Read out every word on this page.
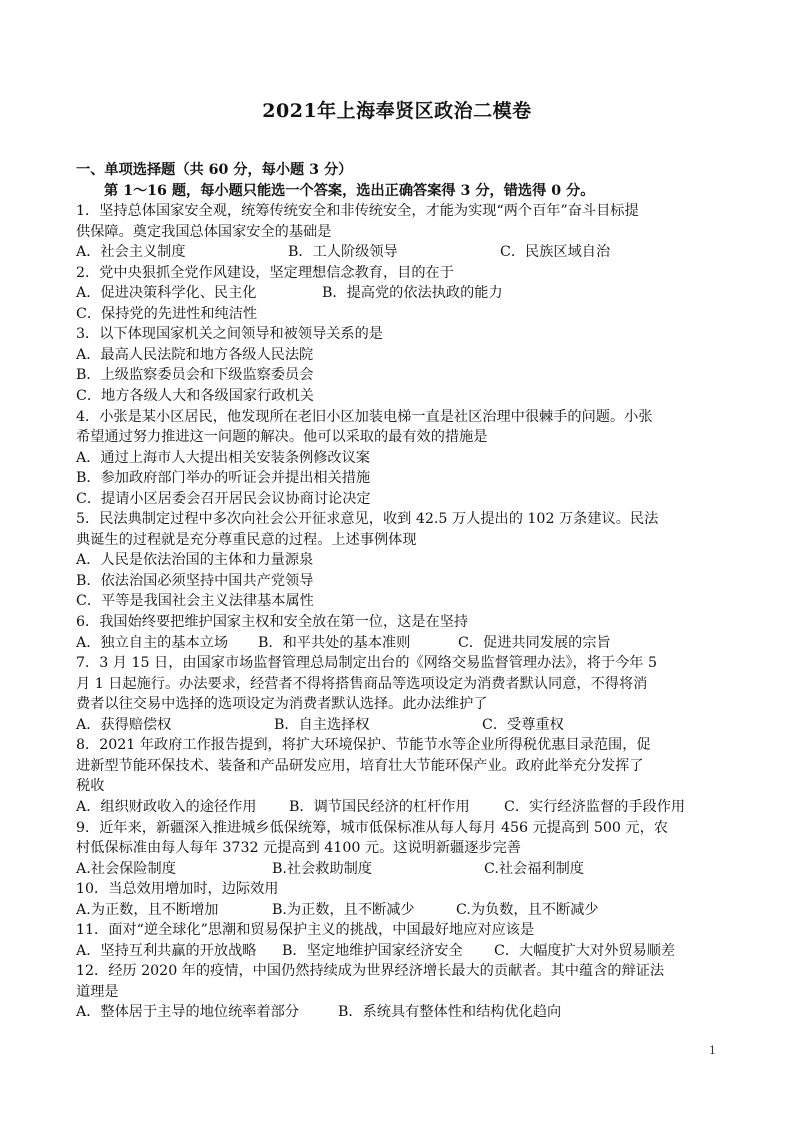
2021年上海奉贤区政治二模卷
一、单项选择题（共 60 分，每小题 3 分）
第 1～16 题，每小题只能选一个答案，选出正确答案得 3 分，错选得 0 分。
1．坚持总体国家安全观，统筹传统安全和非传统安全，才能为实现“两个百年”奋斗目标提
供保障。奠定我国总体国家安全的基础是
A．社会主义制度	B．工人阶级领导	C．民族区域自治
2．党中央狠抓全党作风建设，坚定理想信念教育，目的在于
A．促进决策科学化、民主化	B．提高党的依法执政的能力
C．保持党的先进性和纯洁性
3．以下体现国家机关之间领导和被领导关系的是
A．最高人民法院和地方各级人民法院
B．上级监察委员会和下级监察委员会
C．地方各级人大和各级国家行政机关
4．小张是某小区居民，他发现所在老旧小区加装电梯一直是社区治理中很棘手的问题。小张
希望通过努力推进这一问题的解决。他可以采取的最有效的措施是
A．通过上海市人大提出相关安装条例修改议案
B．参加政府部门举办的听证会并提出相关措施
C．提请小区居委会召开居民会议协商讨论决定
5．民法典制定过程中多次向社会公开征求意见，收到 42.5 万人提出的 102 万条建议。民法
典诞生的过程就是充分尊重民意的过程。上述事例体现
A．人民是依法治国的主体和力量源泉
B．依法治国必须坚持中国共产党领导
C．平等是我国社会主义法律基本属性
6．我国始终要把维护国家主权和安全放在第一位，这是在坚持
A．独立自主的基本立场 B．和平共处的基本准则	C．促进共同发展的宗旨
7．3 月 15 日，由国家市场监督管理总局制定出台的《网络交易监督管理办法》，将于今年 5
月 1 日起施行。办法要求，经营者不得将搭售商品等选项设定为消费者默认同意，不得将消
费者以往交易中选择的选项设定为消费者默认选择。此办法维护了
A．获得赔偿权	B．自主选择权	C．受尊重权
8．2021 年政府工作报告提到，将扩大环境保护、节能节水等企业所得税优惠目录范围，促
进新型节能环保技术、装备和产品研发应用，培育壮大节能环保产业。政府此举充分发挥了
税收
A．组织财政收入的途径作用 B．调节国民经济的杠杆作用 C．实行经济监督的手段作用
9．近年来，新疆深入推进城乡低保统筹，城市低保标准从每人每月 456 元提高到 500 元，农
村低保标准由每人每年 3732 元提高到 4100 元。这说明新疆逐步完善
A.社会保险制度	B.社会救助制度	C.社会福利制度
10．当总效用增加时，边际效用
A.为正数，且不断增加	B.为正数，且不断减少	C.为负数，且不断减少
11．面对“逆全球化”思潮和贸易保护主义的挑战，中国最好地应对应该是
A．坚持互利共赢的开放战略 B．坚定地维护国家经济安全 C．大幅度扩大对外贸易顺差
12．经历 2020 年的疫情，中国仍然持续成为世界经济增长最大的贡献者。其中蕴含的辩证法
道理是
A．整体居于主导的地位统率着部分	B．系统具有整体性和结构优化趋向
1
